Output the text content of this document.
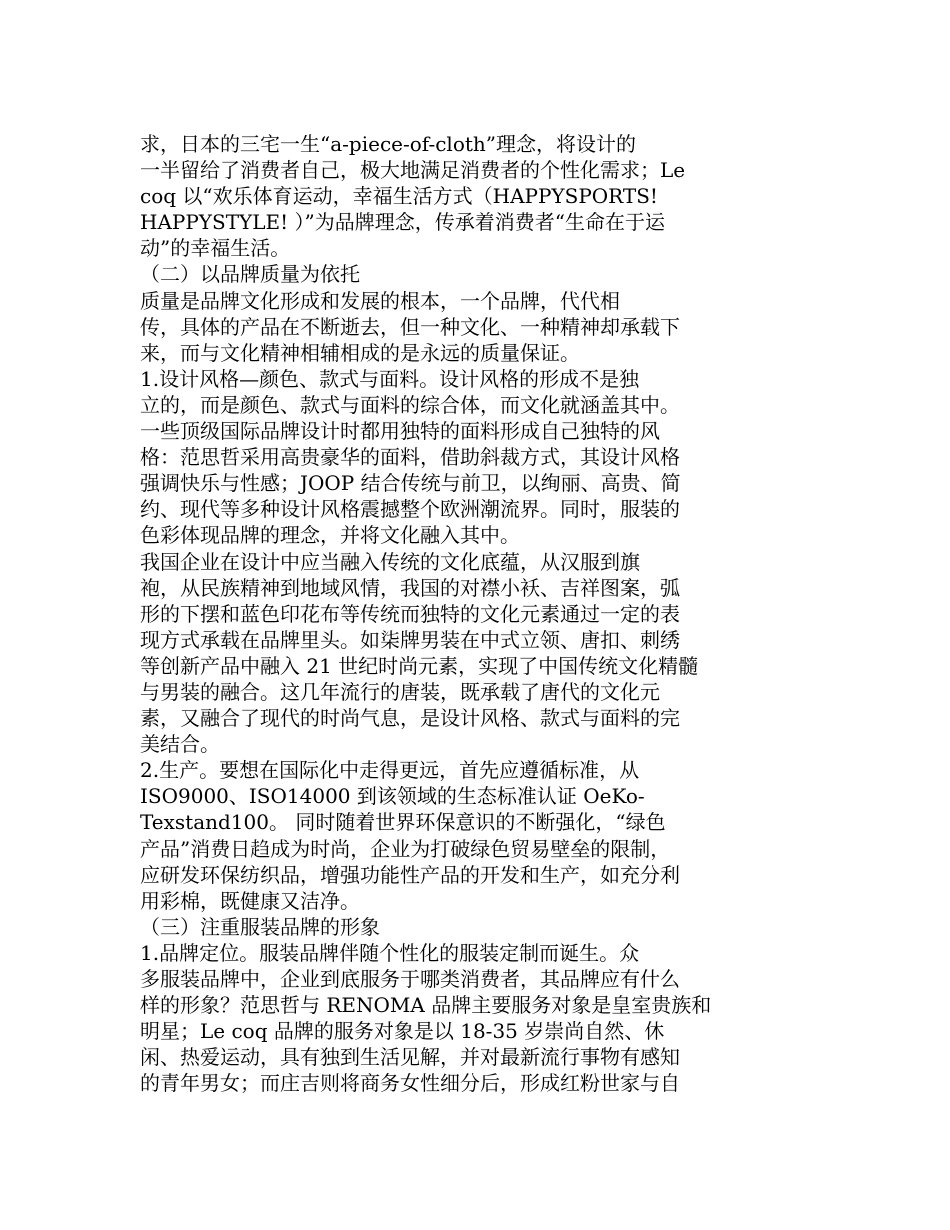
求，日本的三宅一生“a-piece-of-cloth”理念，将设计的

一半留给了消费者自己，极大地满足消费者的个性化需求；Le

coq 以“欢乐体育运动，幸福生活方式（HAPPYSPORTS!

HAPPYSTYLE! ）”为品牌理念，传承着消费者“生命在于运

动”的幸福生活。

（二）以品牌质量为依托

质量是品牌文化形成和发展的根本，一个品牌，代代相

传，具体的产品在不断逝去，但一种文化、一种精神却承载下

来，而与文化精神相辅相成的是永远的质量保证。

1.设计风格—颜色、款式与面料。设计风格的形成不是独

立的，而是颜色、款式与面料的综合体，而文化就涵盖其中。

一些顶级国际品牌设计时都用独特的面料形成自己独特的风

格：范思哲采用高贵豪华的面料，借助斜裁方式，其设计风格

强调快乐与性感；JOOP 结合传统与前卫，以绚丽、高贵、简

约、现代等多种设计风格震撼整个欧洲潮流界。同时，服装的

色彩体现品牌的理念，并将文化融入其中。

我国企业在设计中应当融入传统的文化底蕴，从汉服到旗

袍，从民族精神到地域风情，我国的对襟小袄、吉祥图案，弧

形的下摆和蓝色印花布等传统而独特的文化元素通过一定的表

现方式承载在品牌里头。如柒牌男装在中式立领、唐扣、刺绣

等创新产品中融入 21 世纪时尚元素，实现了中国传统文化精髓

与男装的融合。这几年流行的唐装，既承载了唐代的文化元

素，又融合了现代的时尚气息，是设计风格、款式与面料的完

美结合。

2.生产。要想在国际化中走得更远，首先应遵循标准，从

ISO9000、ISO14000 到该领域的生态标准认证 OeKo-

Texstand100。 同时随着世界环保意识的不断强化，“绿色

产品”消费日趋成为时尚，企业为打破绿色贸易壁垒的限制，

应研发环保纺织品，增强功能性产品的开发和生产，如充分利

用彩棉，既健康又洁净。

（三）注重服装品牌的形象

1.品牌定位。服装品牌伴随个性化的服装定制而诞生。众

多服装品牌中，企业到底服务于哪类消费者，其品牌应有什么

样的形象？范思哲与 RENOMA 品牌主要服务对象是皇室贵族和

明星；Le coq 品牌的服务对象是以 18-35 岁崇尚自然、休

闲、热爱运动，具有独到生活见解，并对最新流行事物有感知

的青年男女；而庄吉则将商务女性细分后，形成红粉世家与自
